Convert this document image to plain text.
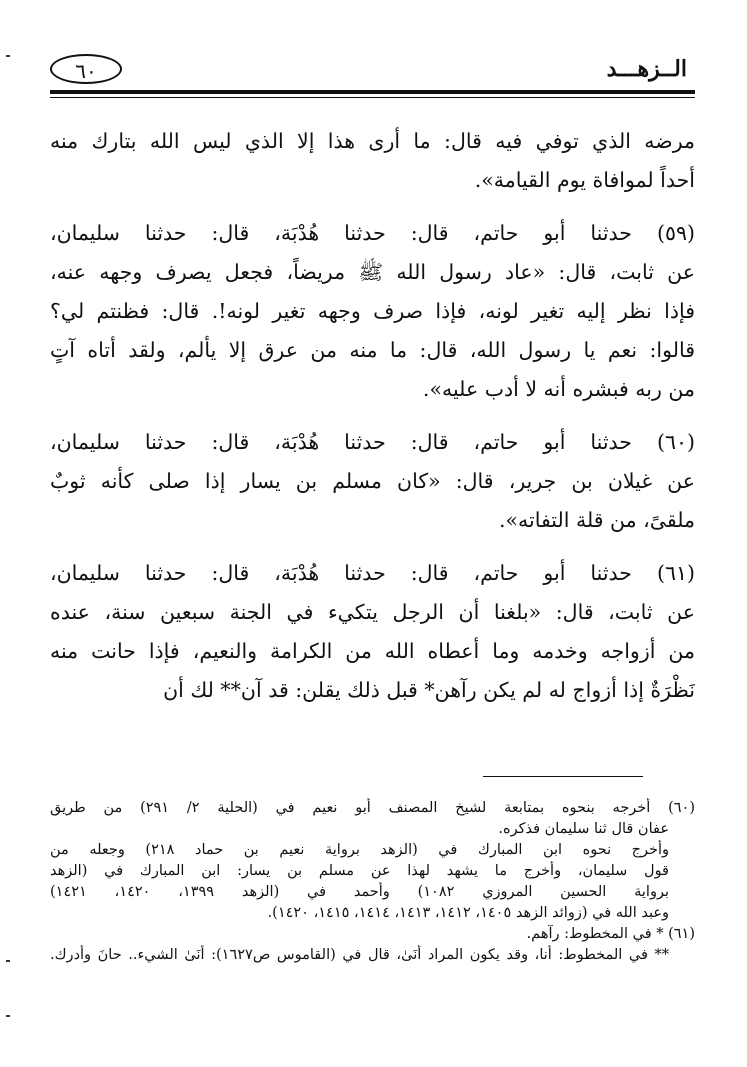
٦٠	الــزهـــد
مرضه الذي توفي فيه قال: ما أرى هذا إلا الذي ليس الله بتارك منه
أحداً لموافاة يوم القيامة».
(٥٩) حدثنا أبو حاتم، قال: حدثنا هُدْبَة، قال: حدثنا سليمان،
عن ثابت، قال: «عاد رسول الله ﷺ مريضاً، فجعل يصرف وجهه عنه،
فإذا نظر إليه تغير لونه، فإذا صرف وجهه تغير لونه!. قال: فظنتم لي؟
قالوا: نعم يا رسول الله، قال: ما منه من عرق إلا يألم، ولقد أتاه آتٍ
من ربه فبشره أنه لا أدب عليه».
(٦٠) حدثنا أبو حاتم، قال: حدثنا هُدْبَة، قال: حدثنا سليمان،
عن غيلان بن جرير، قال: «كان مسلم بن يسار إذا صلى كأنه ثوبٌ
ملقىً، من قلة التفاته».
(٦١) حدثنا أبو حاتم، قال: حدثنا هُدْبَة، قال: حدثنا سليمان،
عن ثابت، قال: «بلغنا أن الرجل يتكيء في الجنة سبعين سنة، عنده
من أزواجه وخدمه وما أعطاه الله من الكرامة والنعيم، فإذا حانت منه
نَظْرَةٌ إذا أزواج له لم يكن رآهن* قبل ذلك يقلن: قد آن** لك أن
(٦٠) أخرجه بنحوه بمتابعة لشيخ المصنف أبو نعيم في (الحلية ٢/ ٢٩١) من طريق
عفان قال ثنا سليمان فذكره.
وأخرج نحوه ابن المبارك في (الزهد برواية نعيم بن حماد ٢١٨) وجعله من
قول سليمان، وأخرج ما يشهد لهذا عن مسلم بن يسار: ابن المبارك في (الزهد
برواية الحسين المروزي ١٠٨٢) وأحمد في (الزهد ١٣٩٩، ١٤٢٠، ١٤٢١)
وعبد الله في (زوائد الزهد ١٤٠٥، ١٤١٢، ١٤١٣، ١٤١٤، ١٤١٥، ١٤٢٠).
(٦١) * في المخطوط: رآهم.
** في المخطوط: أنا، وقد يكون المراد أنَىٰ، قال في (القاموس ص١٦٢٧): أنَىٰ الشيء.. حانَ وأدرك.
